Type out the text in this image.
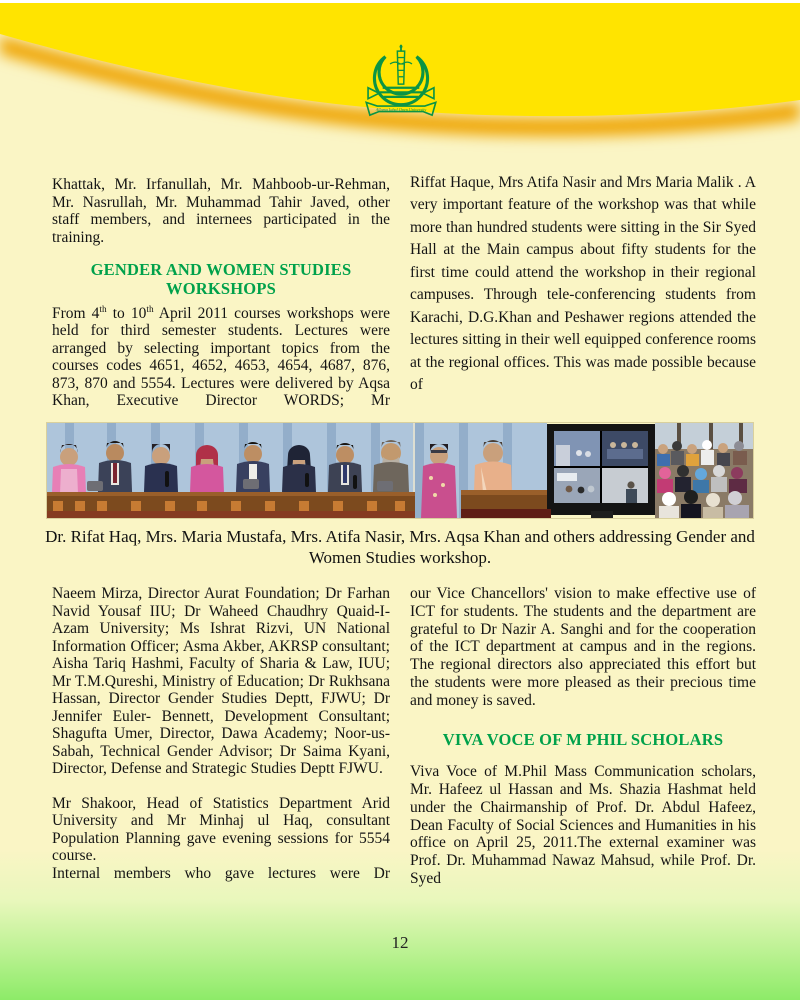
Allama Iqbal Open University

Khattak, Mr. Irfanullah, Mr. Mahboob-ur-Rehman, Mr. Nasrullah, Mr. Muhammad Tahir Javed, other staff members, and internees participated in the training.

GENDER AND WOMEN STUDIES WORKSHOPS

From 4th to 10th April 2011 courses workshops were held for third semester students. Lectures were arranged by selecting important topics from the courses codes 4651, 4652, 4653, 4654, 4687, 876, 873, 870 and 5554. Lectures were delivered by Aqsa Khan, Executive Director WORDS; Mr

Riffat Haque, Mrs Atifa Nasir and Mrs Maria Malik . A very important feature of the workshop was that while more than hundred students were sitting in the Sir Syed Hall at the Main campus about fifty students for the first time could attend the workshop in their regional campuses. Through tele-conferencing students from Karachi, D.G.Khan and Peshawer regions attended the lectures sitting in their well equipped conference rooms at the regional offices. This was made possible because of

Dr. Rifat Haq, Mrs. Maria Mustafa, Mrs. Atifa Nasir, Mrs. Aqsa Khan and others addressing Gender and Women Studies workshop.

Naeem Mirza, Director Aurat Foundation; Dr Farhan Navid Yousaf IIU; Dr Waheed Chaudhry Quaid-I-Azam University; Ms Ishrat Rizvi, UN National Information Officer; Asma Akber, AKRSP consultant; Aisha Tariq Hashmi, Faculty of Sharia & Law, IUU; Mr T.M.Qureshi, Ministry of Education; Dr Rukhsana Hassan, Director Gender Studies Deptt, FJWU; Dr Jennifer Euler- Bennett, Development Consultant; Shagufta Umer, Director, Dawa Academy; Noor-us- Sabah, Technical Gender Advisor; Dr Saima Kyani, Director, Defense and Strategic Studies Deptt FJWU.

Mr Shakoor, Head of Statistics Department Arid University and Mr Minhaj ul Haq, consultant Population Planning gave evening sessions for 5554 course.

Internal members who gave lectures were Dr

our Vice Chancellors' vision to make effective use of ICT for students. The students and the department are grateful to Dr Nazir A. Sanghi and for the cooperation of the ICT department at campus and in the regions. The regional directors also appreciated this effort but the students were more pleased as their precious time and money is saved.

VIVA VOCE OF M PHIL SCHOLARS

Viva Voce of M.Phil Mass Communication scholars, Mr. Hafeez ul Hassan and Ms. Shazia Hashmat held under the Chairmanship of Prof. Dr. Abdul Hafeez, Dean Faculty of Social Sciences and Humanities in his office on April 25, 2011.The external examiner was Prof. Dr. Muhammad Nawaz Mahsud, while Prof. Dr. Syed

12
